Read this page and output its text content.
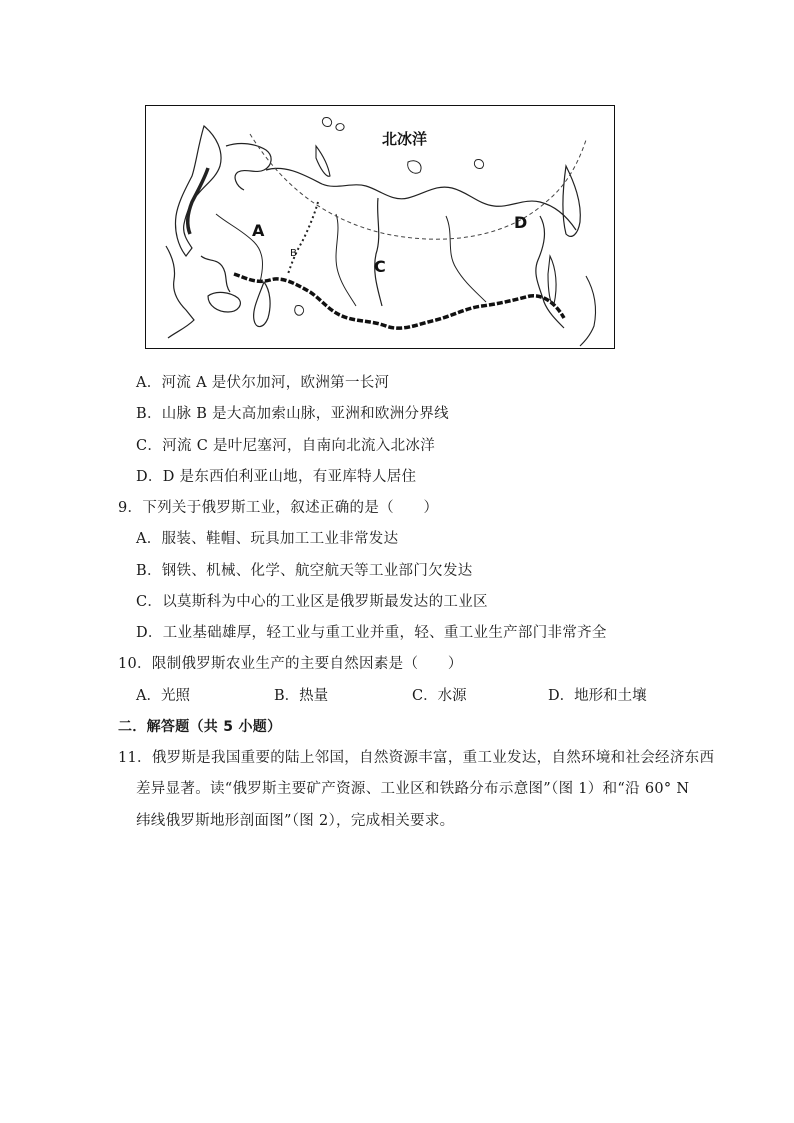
北冰洋
A
B
C
D
A．河流 A 是伏尔加河，欧洲第一长河
B．山脉 B 是大高加索山脉，亚洲和欧洲分界线
C．河流 C 是叶尼塞河，自南向北流入北冰洋
D．D 是东西伯利亚山地，有亚库特人居住
9．下列关于俄罗斯工业，叙述正确的是（　　）
A．服装、鞋帽、玩具加工工业非常发达
B．钢铁、机械、化学、航空航天等工业部门欠发达
C．以莫斯科为中心的工业区是俄罗斯最发达的工业区
D．工业基础雄厚，轻工业与重工业并重，轻、重工业生产部门非常齐全
10．限制俄罗斯农业生产的主要自然因素是（　　）
A．光照	B．热量	C．水源	D．地形和土壤
二．解答题（共 5 小题）
11．俄罗斯是我国重要的陆上邻国，自然资源丰富，重工业发达，自然环境和社会经济东西
差异显著。读“俄罗斯主要矿产资源、工业区和铁路分布示意图”（图 1）和“沿 60° N
纬线俄罗斯地形剖面图”（图 2），完成相关要求。
